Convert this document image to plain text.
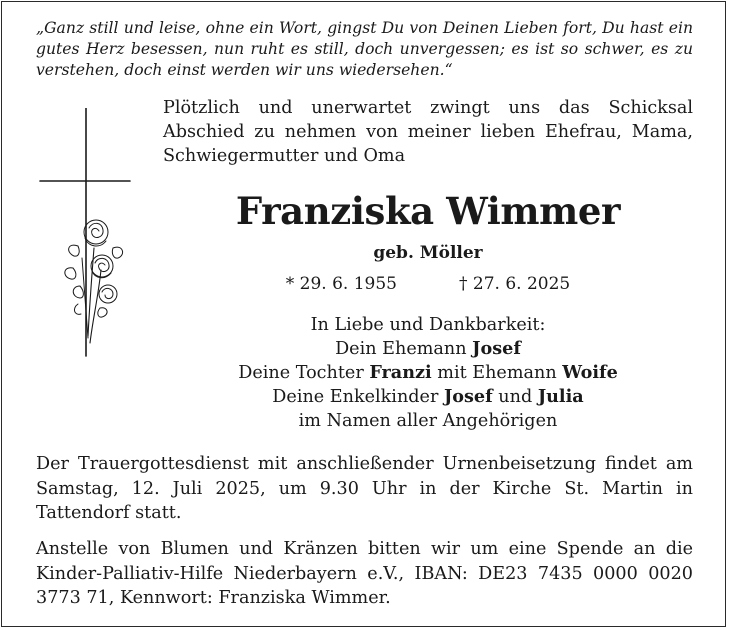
„Ganz still und leise, ohne ein Wort, gingst Du von Deinen Lieben fort, Du hast ein gutes Herz besessen, nun ruht es still, doch unvergessen; es ist so schwer, es zu verstehen, doch einst werden wir uns wiedersehen.“
Plötzlich und unerwartet zwingt uns das Schicksal Abschied zu nehmen von meiner lieben Ehefrau, Mama, Schwiegermutter und Oma
Franziska Wimmer
geb. Möller
* 29. 6. 1955	† 27. 6. 2025
In Liebe und Dankbarkeit:
Dein Ehemann Josef
Deine Tochter Franzi mit Ehemann Woife
Deine Enkelkinder Josef und Julia
im Namen aller Angehörigen
Der Trauergottesdienst mit anschließender Urnenbeisetzung findet am Samstag, 12. Juli 2025, um 9.30 Uhr in der Kirche St. Martin in Tattendorf statt.
Anstelle von Blumen und Kränzen bitten wir um eine Spende an die Kinder-Palliativ-Hilfe Niederbayern e.V., IBAN: DE23 7435 0000 0020 3773 71, Kennwort: Franziska Wimmer.
